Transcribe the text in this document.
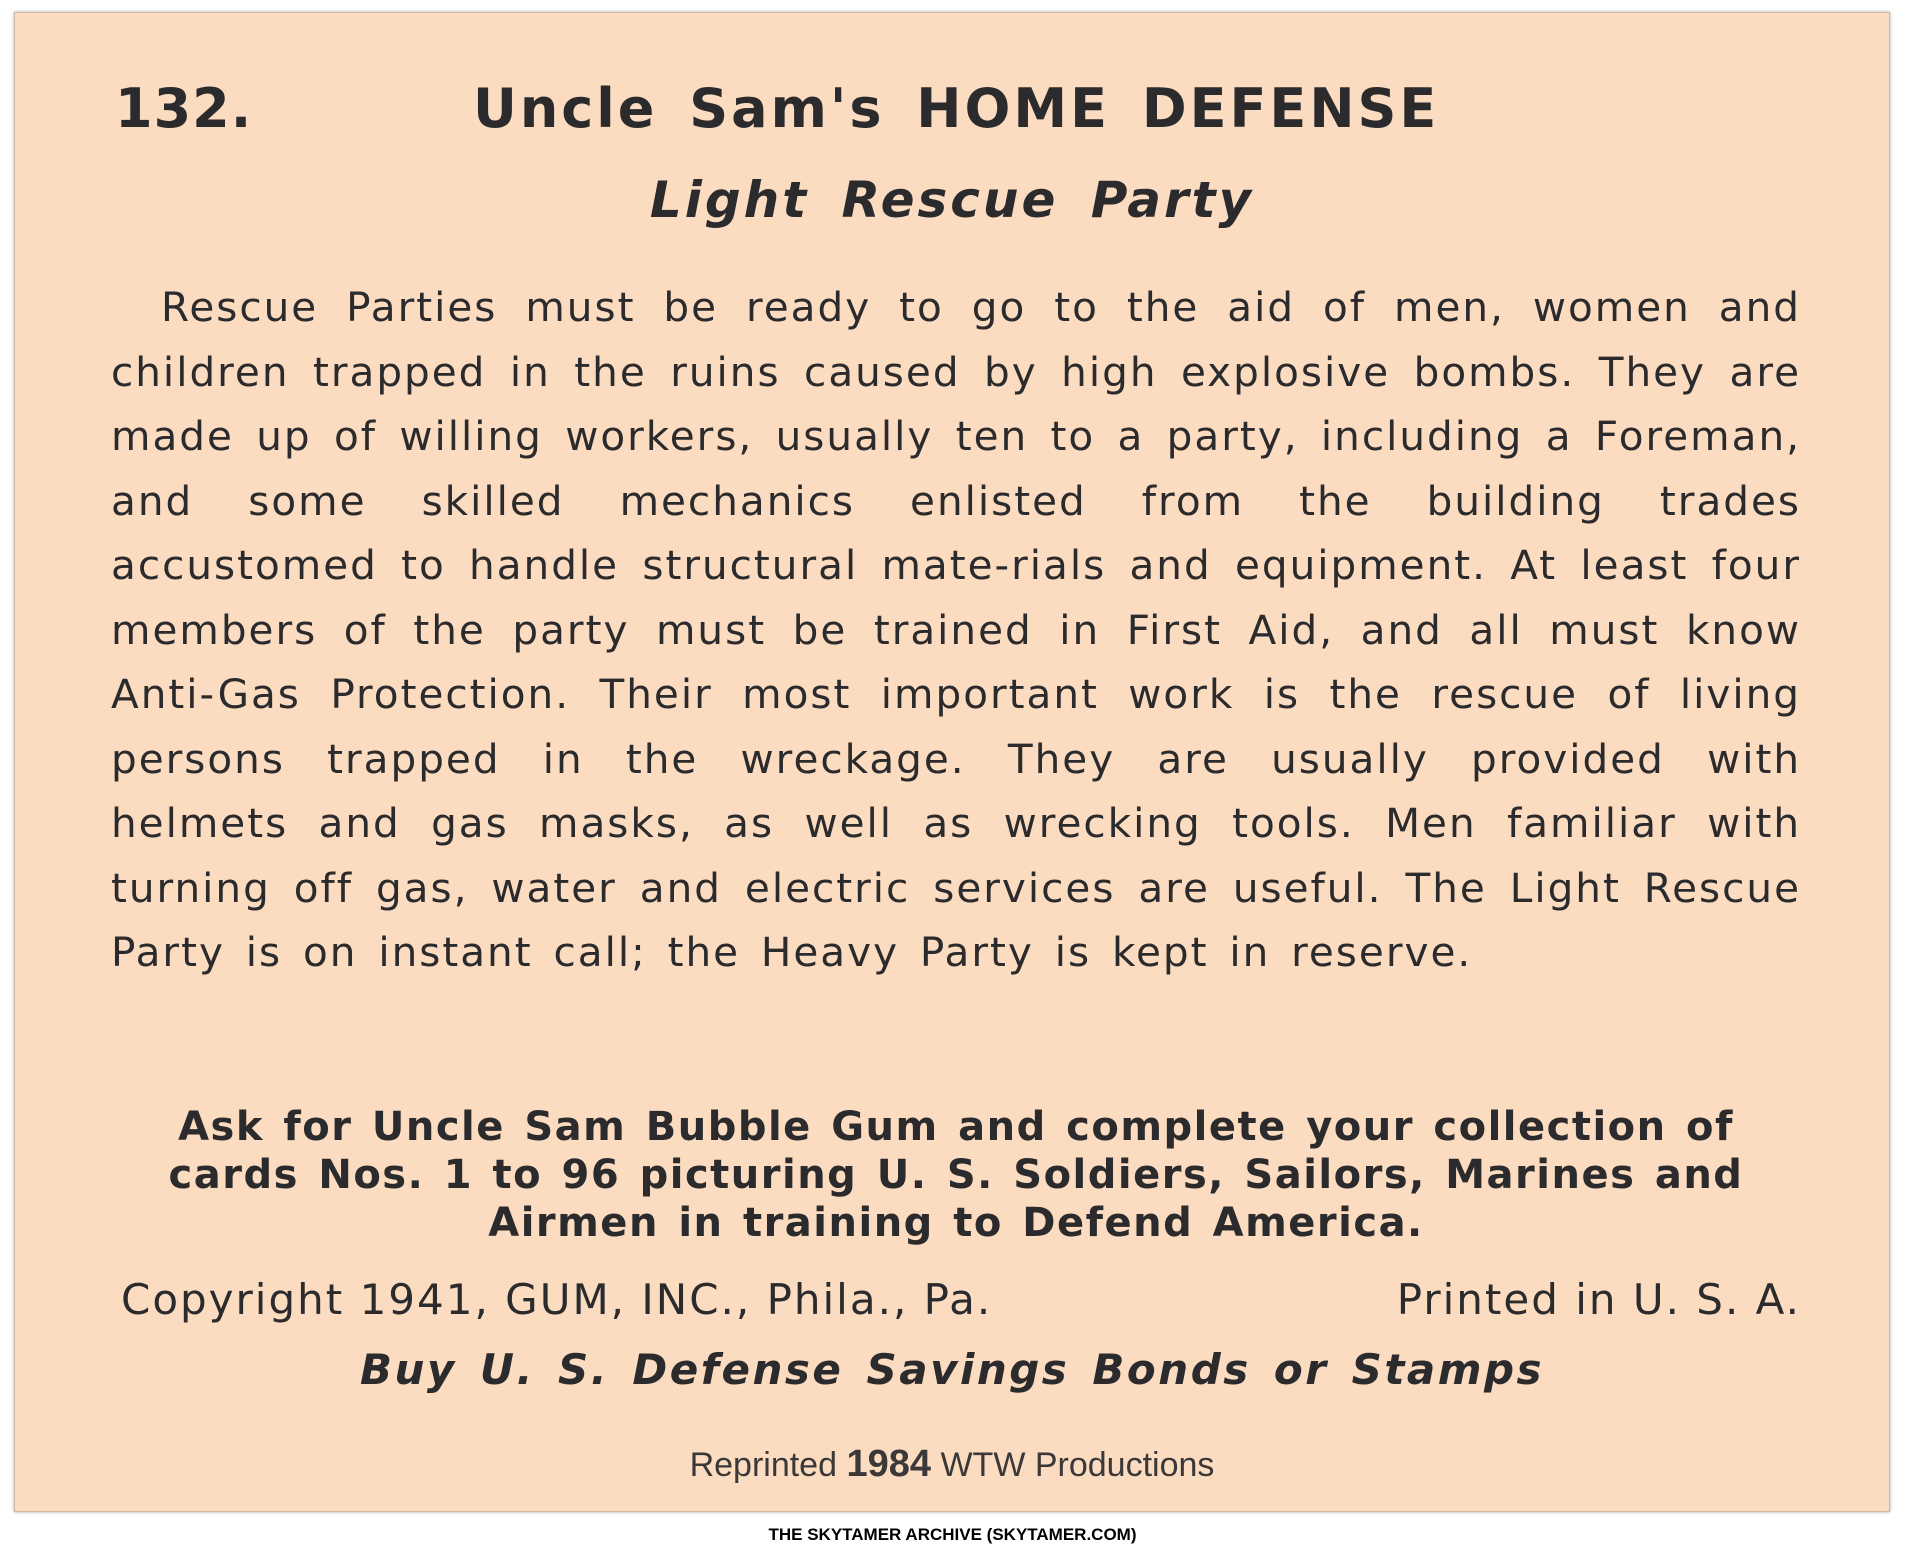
132.	Uncle Sam's HOME DEFENSE
Light Rescue Party

Rescue Parties must be ready to go to the aid of men, women and children trapped in the ruins caused by high explosive bombs. They are made up of willing workers, usually ten to a party, including a Foreman, and some skilled mechanics enlisted from the building trades accustomed to handle structural mate-rials and equipment. At least four members of the party must be trained in First Aid, and all must know Anti-Gas Protection. Their most important work is the rescue of living persons trapped in the wreckage. They are usually provided with helmets and gas masks, as well as wrecking tools. Men familiar with turning off gas, water and electric services are useful. The Light Rescue Party is on instant call; the Heavy Party is kept in reserve.

Ask for Uncle Sam Bubble Gum and complete your collection of cards Nos. 1 to 96 picturing U. S. Soldiers, Sailors, Marines and Airmen in training to Defend America.

Copyright 1941, GUM, INC., Phila., Pa.	Printed in U. S. A.

Buy U. S. Defense Savings Bonds or Stamps

Reprinted 1984 WTW Productions

THE SKYTAMER ARCHIVE (SKYTAMER.COM)
